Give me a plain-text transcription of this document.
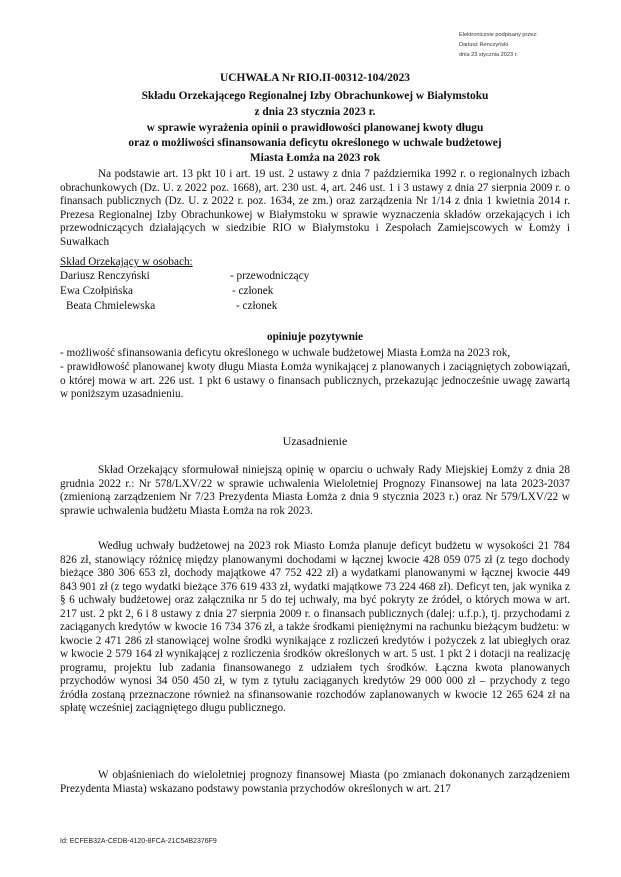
Elektronicznie podpisany przez:
Dariusz Renczyński
dnia 23 stycznia 2023 r.
UCHWAŁA Nr RIO.II-00312-104/2023
Składu Orzekającego Regionalnej Izby Obrachunkowej w Białymstoku
z dnia 23 stycznia 2023 r.
w sprawie wyrażenia opinii o prawidłowości planowanej kwoty długu
oraz o możliwości sfinansowania deficytu określonego w uchwale budżetowej
Miasta Łomża na 2023 rok
Na podstawie art. 13 pkt 10 i art. 19 ust. 2 ustawy z dnia 7 października 1992 r. o regionalnych izbach obrachunkowych (Dz. U. z 2022 poz. 1668), art. 230 ust. 4, art. 246 ust. 1 i 3 ustawy z dnia 27 sierpnia 2009 r. o finansach publicznych (Dz. U. z 2022 r. poz. 1634, ze zm.) oraz zarządzenia Nr 1/14 z dnia 1 kwietnia 2014 r. Prezesa Regionalnej Izby Obrachunkowej w Białymstoku w sprawie wyznaczenia składów orzekających i ich przewodniczących działających w siedzibie RIO w Białymstoku i Zespołach Zamiejscowych w Łomży i Suwałkach
Skład Orzekający w osobach:
Dariusz Renczyński	- przewodniczący
Ewa Czołpińska	- członek
Beata Chmielewska	- członek
opiniuje pozytywnie
- możliwość sfinansowania deficytu określonego w uchwale budżetowej Miasta Łomża na 2023 rok,
- prawidłowość planowanej kwoty długu Miasta Łomża wynikającej z planowanych i zaciągniętych zobowiązań, o której mowa w art. 226 ust. 1 pkt 6 ustawy o finansach publicznych, przekazując jednocześnie uwagę zawartą w poniższym uzasadnieniu.
Uzasadnienie
Skład Orzekający sformułował niniejszą opinię w oparciu o uchwały Rady Miejskiej Łomży z dnia 28 grudnia 2022 r.: Nr 578/LXV/22 w sprawie uchwalenia Wieloletniej Prognozy Finansowej na lata 2023-2037 (zmienioną zarządzeniem Nr 7/23 Prezydenta Miasta Łomża z dnia 9 stycznia 2023 r.) oraz Nr 579/LXV/22 w sprawie uchwalenia budżetu Miasta Łomża na rok 2023.
Według uchwały budżetowej na 2023 rok Miasto Łomża planuje deficyt budżetu w wysokości 21 784 826 zł, stanowiący różnicę między planowanymi dochodami w łącznej kwocie 428 059 075 zł (z tego dochody bieżące 380 306 653 zł, dochody majątkowe 47 752 422 zł) a wydatkami planowanymi w łącznej kwocie 449 843 901 zł (z tego wydatki bieżące 376 619 433 zł, wydatki majątkowe 73 224 468 zł). Deficyt ten, jak wynika z § 6 uchwały budżetowej oraz załącznika nr 5 do tej uchwały, ma być pokryty ze źródeł, o których mowa w art. 217 ust. 2 pkt 2, 6 i 8 ustawy z dnia 27 sierpnia 2009 r. o finansach publicznych (dalej: u.f.p.), tj. przychodami z zaciąganych kredytów w kwocie 16 734 376 zł, a także środkami pieniężnymi na rachunku bieżącym budżetu: w kwocie 2 471 286 zł stanowiącej wolne środki wynikające z rozliczeń kredytów i pożyczek z lat ubiegłych oraz w kwocie 2 579 164 zł wynikającej z rozliczenia środków określonych w art. 5 ust. 1 pkt 2 i dotacji na realizację programu, projektu lub zadania finansowanego z udziałem tych środków. Łączna kwota planowanych przychodów wynosi 34 050 450 zł, w tym z tytułu zaciąganych kredytów 29 000 000 zł – przychody z tego źródła zostaną przeznaczone również na sfinansowanie rozchodów zaplanowanych w kwocie 12 265 624 zł na spłatę wcześniej zaciągniętego długu publicznego.
W objaśnieniach do wieloletniej prognozy finansowej Miasta (po zmianach dokonanych zarządzeniem Prezydenta Miasta) wskazano podstawy powstania przychodów określonych w art. 217
Id: ECFEB32A-CEDB-4120-8FCA-21C54B2376F9
